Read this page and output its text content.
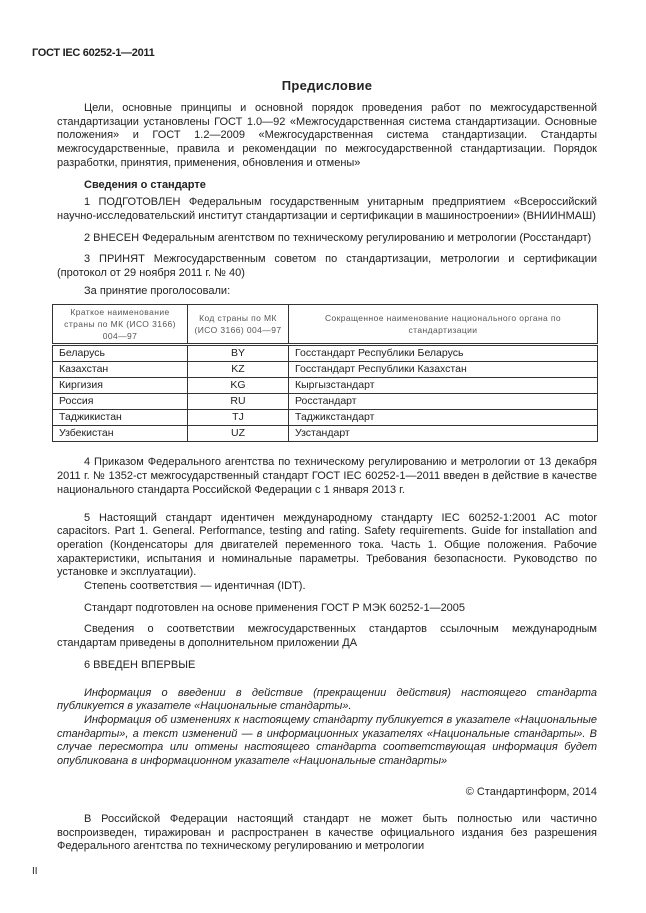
ГОСТ IEC 60252-1—2011
Предисловие

Цели, основные принципы и основной порядок проведения работ по межгосударственной стандартизации установлены ГОСТ 1.0—92 «Межгосударственная система стандартизации. Основные положения» и ГОСТ 1.2—2009 «Межгосударственная система стандартизации. Стандарты межгосударственные, правила и рекомендации по межгосударственной стандартизации. Порядок разработки, принятия, применения, обновления и отмены»

Сведения о стандарте

1 ПОДГОТОВЛЕН Федеральным государственным унитарным предприятием «Всероссийский научно-исследовательский институт стандартизации и сертификации в машиностроении» (ВНИИНМАШ)

2 ВНЕСЕН Федеральным агентством по техническому регулированию и метрологии (Росстандарт)

3 ПРИНЯТ Межгосударственным советом по стандартизации, метрологии и сертификации (протокол от 29 ноября 2011 г. № 40)

За принятие проголосовали:

Краткое наименование страны по МК (ИСО 3166) 004—97	Код страны по МК (ИСО 3166) 004—97	Сокращенное наименование национального органа по стандартизации
Беларусь	BY	Госстандарт Республики Беларусь
Казахстан	KZ	Госстандарт Республики Казахстан
Киргизия	KG	Кыргызстандарт
Россия	RU	Росстандарт
Таджикистан	TJ	Таджикстандарт
Узбекистан	UZ	Узстандарт

4 Приказом Федерального агентства по техническому регулированию и метрологии от 13 декабря 2011 г. № 1352-ст межгосударственный стандарт ГОСТ IEC 60252-1—2011 введен в действие в качестве национального стандарта Российской Федерации с 1 января 2013 г.

5 Настоящий стандарт идентичен международному стандарту IEC 60252-1:2001 AC motor capacitors. Part 1. General. Performance, testing and rating. Safety requirements. Guide for installation and operation (Конденсаторы для двигателей переменного тока. Часть 1. Общие положения. Рабочие характеристики, испытания и номинальные параметры. Требования безопасности. Руководство по установке и эксплуатации).

Степень соответствия — идентичная (IDT).

Стандарт подготовлен на основе применения ГОСТ Р МЭК 60252-1—2005

Сведения о соответствии межгосударственных стандартов ссылочным международным стандартам приведены в дополнительном приложении ДА

6 ВВЕДЕН ВПЕРВЫЕ

Информация о введении в действие (прекращении действия) настоящего стандарта публикуется в указателе «Национальные стандарты».

Информация об изменениях к настоящему стандарту публикуется в указателе «Национальные стандарты», а текст изменений — в информационных указателях «Национальные стандарты». В случае пересмотра или отмены настоящего стандарта соответствующая информация будет опубликована в информационном указателе «Национальные стандарты»

© Стандартинформ, 2014

В Российской Федерации настоящий стандарт не может быть полностью или частично воспроизведен, тиражирован и распространен в качестве официального издания без разрешения Федерального агентства по техническому регулированию и метрологии

II
